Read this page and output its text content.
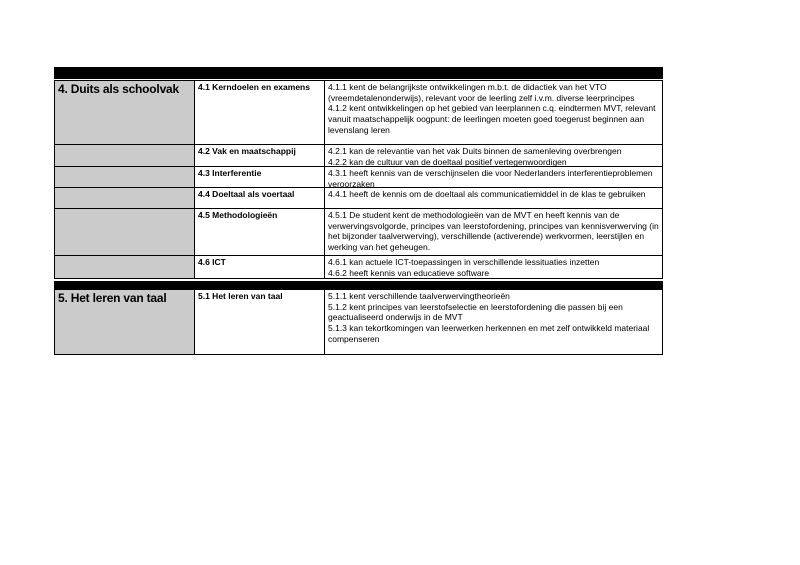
4. Duits als schoolvak	4.1 Kerndoelen en examens	4.1.1 kent de belangrijkste ontwikkelingen m.b.t. de didactiek van het VTO (vreemdetalenonderwijs), relevant voor de leerling zelf i.v.m. diverse leerprincipes
4.1.2 kent ontwikkelingen op het gebied van leerplannen c.q. eindtermen MVT, relevant vanuit maatschappelijk oogpunt: de leerlingen moeten goed toegerust beginnen aan levenslang leren
4.2 Vak en maatschappij	4.2.1 kan de relevantie van het vak Duits binnen de samenleving overbrengen
4.2.2 kan de cultuur van de doeltaal positief vertegenwoordigen
4.3 Interferentie	4.3.1 heeft kennis van de verschijnselen die voor Nederlanders interferentieproblemen veroorzaken
4.4 Doeltaal als voertaal	4.4.1 heeft de kennis om de doeltaal als communicatiemiddel in de klas te gebruiken
4.5 Methodologieën	4.5.1 De student kent de methodologieën van de MVT en heeft kennis van de verwervingsvolgorde, principes van leerstofordening, principes van kennisverwerving (in het bijzonder taalverwerving), verschillende (activerende) werkvormen, leerstijlen en werking van het geheugen.
4.6 ICT	4.6.1 kan actuele ICT-toepassingen in verschillende lessituaties inzetten
4.6.2 heeft kennis van educatieve software
5. Het leren van taal	5.1 Het leren van taal	5.1.1 kent verschillende taalverwervingtheorieën
5.1.2 kent principes van leerstofselectie en leerstofordening die passen bij een geactualiseerd onderwijs in de MVT
5.1.3 kan tekortkomingen van leerwerken herkennen en met zelf ontwikkeld materiaal compenseren
